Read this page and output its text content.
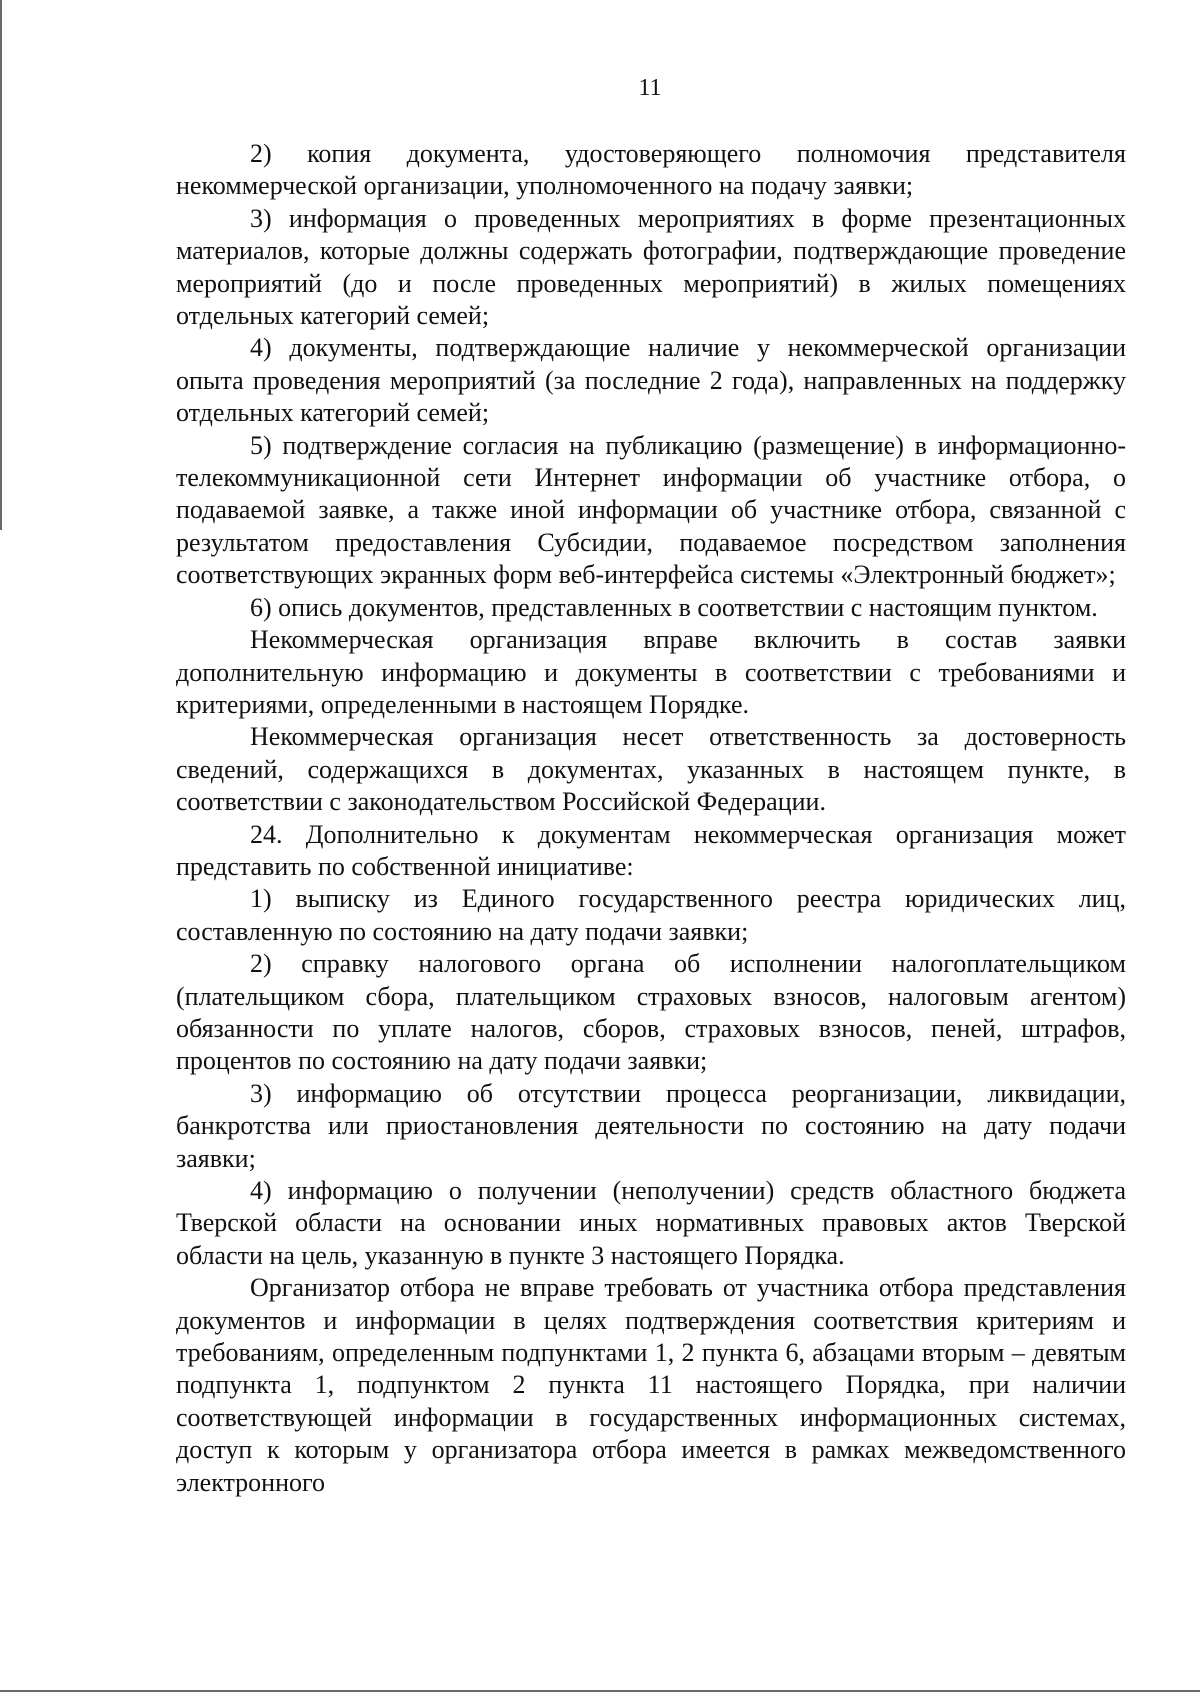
11

2) копия документа, удостоверяющего полномочия представителя некоммерческой организации, уполномоченного на подачу заявки;

3) информация о проведенных мероприятиях в форме презентационных материалов, которые должны содержать фотографии, подтверждающие проведение мероприятий (до и после проведенных мероприятий) в жилых помещениях отдельных категорий семей;

4) документы, подтверждающие наличие у некоммерческой организации опыта проведения мероприятий (за последние 2 года), направленных на поддержку отдельных категорий семей;

5) подтверждение согласия на публикацию (размещение) в информационно-телекоммуникационной сети Интернет информации об участнике отбора, о подаваемой заявке, а также иной информации об участнике отбора, связанной с результатом предоставления Субсидии, подаваемое посредством заполнения соответствующих экранных форм веб-интерфейса системы «Электронный бюджет»;

6) опись документов, представленных в соответствии с настоящим пунктом.

Некоммерческая организация вправе включить в состав заявки дополнительную информацию и документы в соответствии с требованиями и критериями, определенными в настоящем Порядке.

Некоммерческая организация несет ответственность за достоверность сведений, содержащихся в документах, указанных в настоящем пункте, в соответствии с законодательством Российской Федерации.

24. Дополнительно к документам некоммерческая организация может представить по собственной инициативе:

1) выписку из Единого государственного реестра юридических лиц, составленную по состоянию на дату подачи заявки;

2) справку налогового органа об исполнении налогоплательщиком (плательщиком сбора, плательщиком страховых взносов, налоговым агентом) обязанности по уплате налогов, сборов, страховых взносов, пеней, штрафов, процентов по состоянию на дату подачи заявки;

3) информацию об отсутствии процесса реорганизации, ликвидации, банкротства или приостановления деятельности по состоянию на дату подачи заявки;

4) информацию о получении (неполучении) средств областного бюджета Тверской области на основании иных нормативных правовых актов Тверской области на цель, указанную в пункте 3 настоящего Порядка.

Организатор отбора не вправе требовать от участника отбора представления документов и информации в целях подтверждения соответствия критериям и требованиям, определенным подпунктами 1, 2 пункта 6, абзацами вторым – девятым подпункта 1, подпунктом 2 пункта 11 настоящего Порядка, при наличии соответствующей информации в государственных информационных системах, доступ к которым у организатора отбора имеется в рамках межведомственного электронного
